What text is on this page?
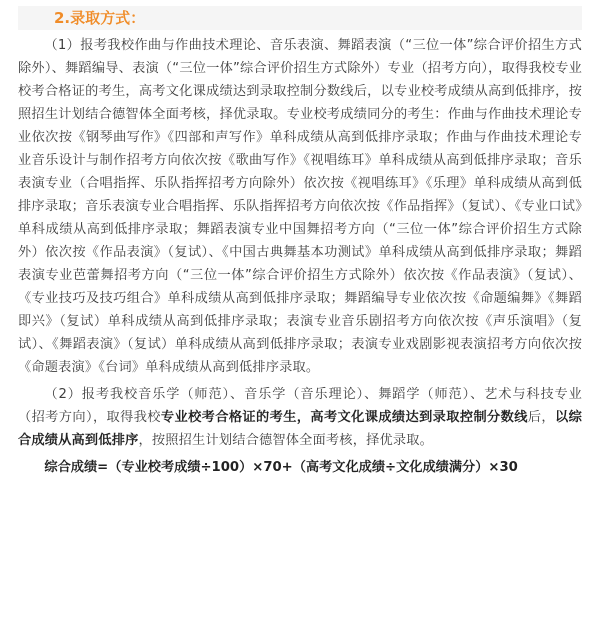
2.录取方式：

（1）报考我校作曲与作曲技术理论、音乐表演、舞蹈表演（“三位一体”综合评价招生方式除外）、舞蹈编导、表演（“三位一体”综合评价招生方式除外）专业（招考方向），取得我校专业校考合格证的考生，高考文化课成绩达到录取控制分数线后，以专业校考成绩从高到低排序，按照招生计划结合德智体全面考核，择优录取。专业校考成绩同分的考生：作曲与作曲技术理论专业依次按《钢琴曲写作》《四部和声写作》单科成绩从高到低排序录取；作曲与作曲技术理论专业音乐设计与制作招考方向依次按《歌曲写作》《视唱练耳》单科成绩从高到低排序录取；音乐表演专业（合唱指挥、乐队指挥招考方向除外）依次按《视唱练耳》《乐理》单科成绩从高到低排序录取；音乐表演专业合唱指挥、乐队指挥招考方向依次按《作品指挥》（复试）、《专业口试》单科成绩从高到低排序录取；舞蹈表演专业中国舞招考方向（“三位一体”综合评价招生方式除外）依次按《作品表演》（复试）、《中国古典舞基本功测试》单科成绩从高到低排序录取；舞蹈表演专业芭蕾舞招考方向（“三位一体”综合评价招生方式除外）依次按《作品表演》（复试）、《专业技巧及技巧组合》单科成绩从高到低排序录取；舞蹈编导专业依次按《命题编舞》《舞蹈即兴》（复试）单科成绩从高到低排序录取；表演专业音乐剧招考方向依次按《声乐演唱》（复试）、《舞蹈表演》（复试）单科成绩从高到低排序录取；表演专业戏剧影视表演招考方向依次按《命题表演》《台词》单科成绩从高到低排序录取。

（2）报考我校音乐学（师范）、音乐学（音乐理论）、舞蹈学（师范）、艺术与科技专业（招考方向），取得我校专业校考合格证的考生，高考文化课成绩达到录取控制分数线后，以综合成绩从高到低排序，按照招生计划结合德智体全面考核，择优录取。

综合成绩=（专业校考成绩÷100）×70+（高考文化成绩÷文化成绩满分）×30
